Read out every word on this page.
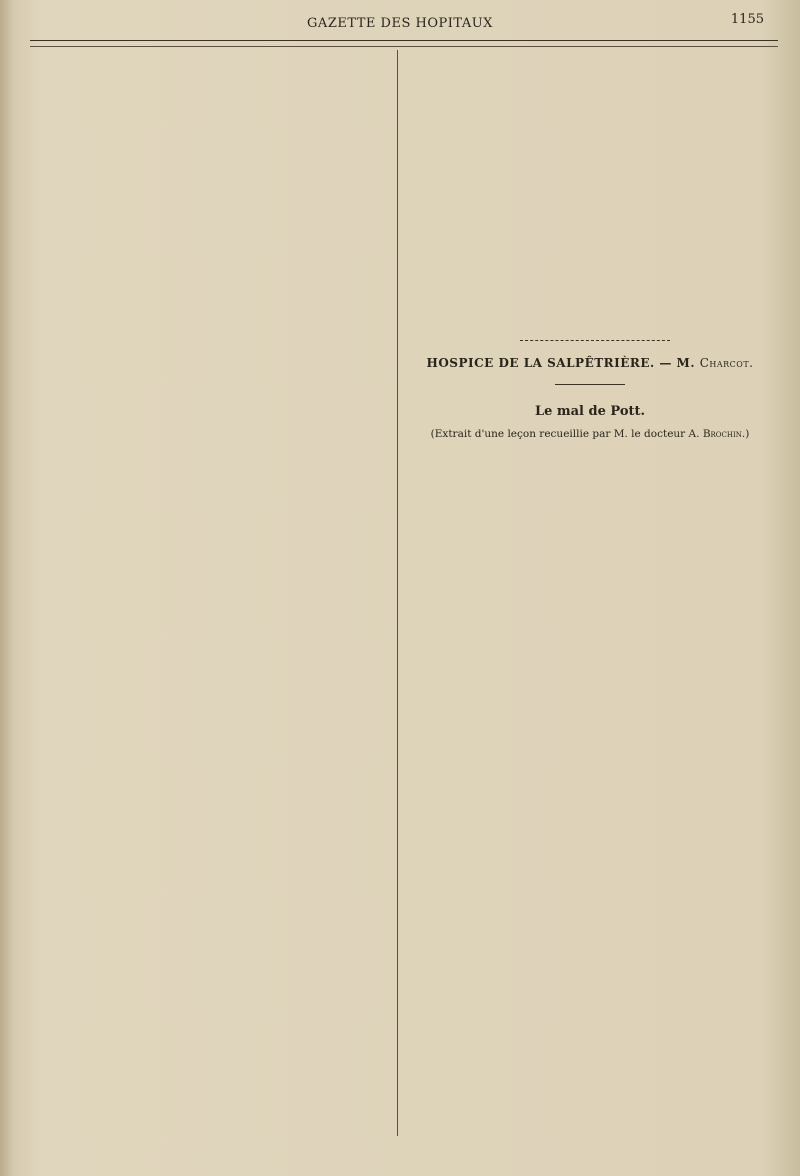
GAZETTE DES HOPITAUX	1155
HOSPICE DE LA SALPÊTRIÈRE. — M. Charcot.
Le mal de Pott.
(Extrait d'une leçon recueillie par M. le docteur A. Brochin.)
